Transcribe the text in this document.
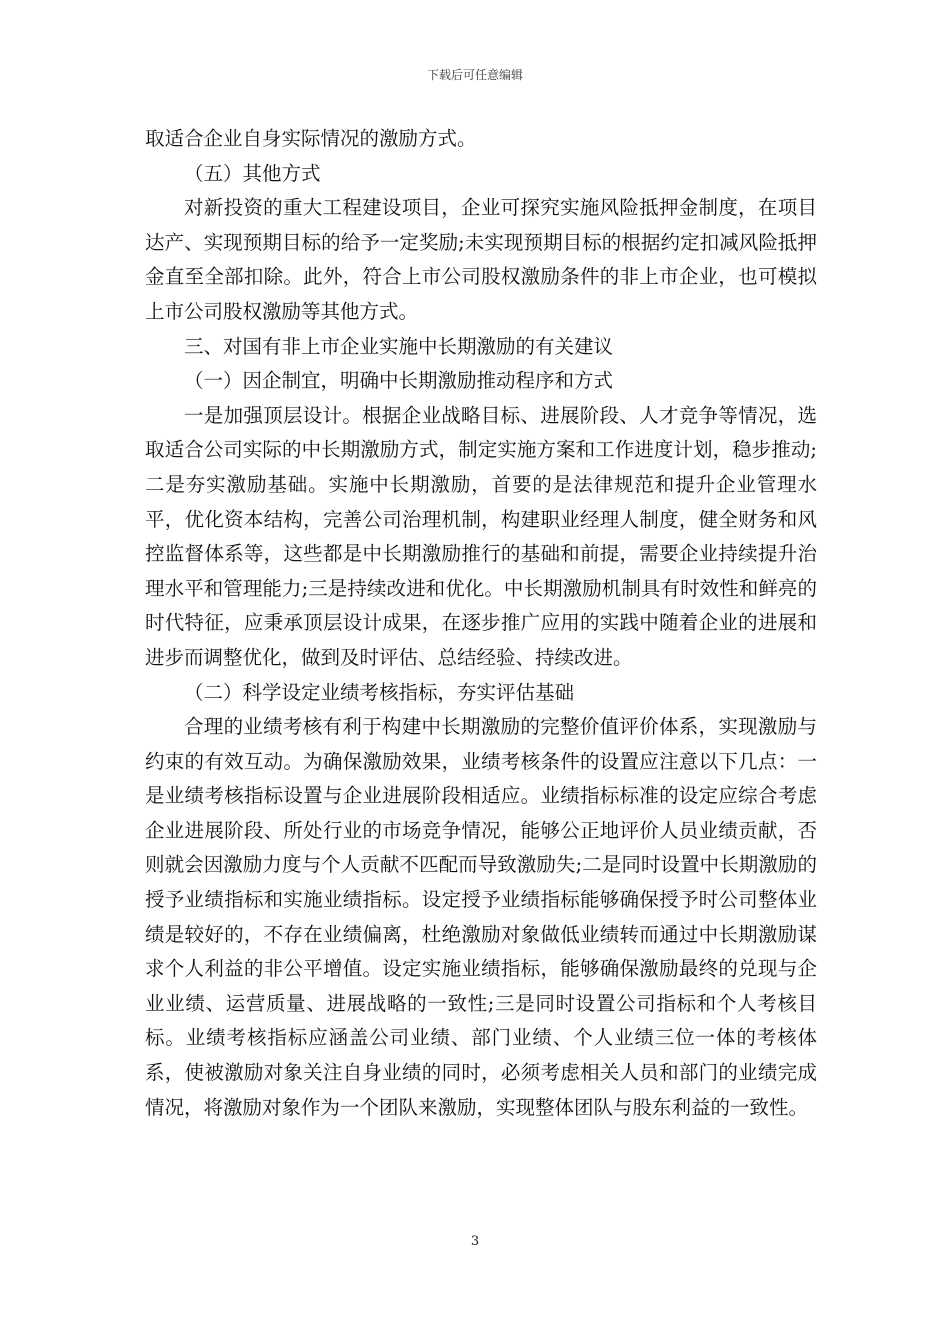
下载后可任意编辑

取适合企业自身实际情况的激励方式。

（五）其他方式

对新投资的重大工程建设项目，企业可探究实施风险抵押金制度，在项目达产、实现预期目标的给予一定奖励;未实现预期目标的根据约定扣减风险抵押金直至全部扣除。此外，符合上市公司股权激励条件的非上市企业，也可模拟上市公司股权激励等其他方式。

三、对国有非上市企业实施中长期激励的有关建议

（一）因企制宜，明确中长期激励推动程序和方式

一是加强顶层设计。根据企业战略目标、进展阶段、人才竞争等情况，选取适合公司实际的中长期激励方式，制定实施方案和工作进度计划，稳步推动;二是夯实激励基础。实施中长期激励，首要的是法律规范和提升企业管理水平，优化资本结构，完善公司治理机制，构建职业经理人制度，健全财务和风控监督体系等，这些都是中长期激励推行的基础和前提，需要企业持续提升治理水平和管理能力;三是持续改进和优化。中长期激励机制具有时效性和鲜亮的时代特征，应秉承顶层设计成果，在逐步推广应用的实践中随着企业的进展和进步而调整优化，做到及时评估、总结经验、持续改进。

（二）科学设定业绩考核指标，夯实评估基础

合理的业绩考核有利于构建中长期激励的完整价值评价体系，实现激励与约束的有效互动。为确保激励效果，业绩考核条件的设置应注意以下几点：一是业绩考核指标设置与企业进展阶段相适应。业绩指标标准的设定应综合考虑企业进展阶段、所处行业的市场竞争情况，能够公正地评价人员业绩贡献，否则就会因激励力度与个人贡献不匹配而导致激励失;二是同时设置中长期激励的授予业绩指标和实施业绩指标。设定授予业绩指标能够确保授予时公司整体业绩是较好的，不存在业绩偏离，杜绝激励对象做低业绩转而通过中长期激励谋求个人利益的非公平增值。设定实施业绩指标，能够确保激励最终的兑现与企业业绩、运营质量、进展战略的一致性;三是同时设置公司指标和个人考核目标。业绩考核指标应涵盖公司业绩、部门业绩、个人业绩三位一体的考核体系，使被激励对象关注自身业绩的同时，必须考虑相关人员和部门的业绩完成情况，将激励对象作为一个团队来激励，实现整体团队与股东利益的一致性。

3
